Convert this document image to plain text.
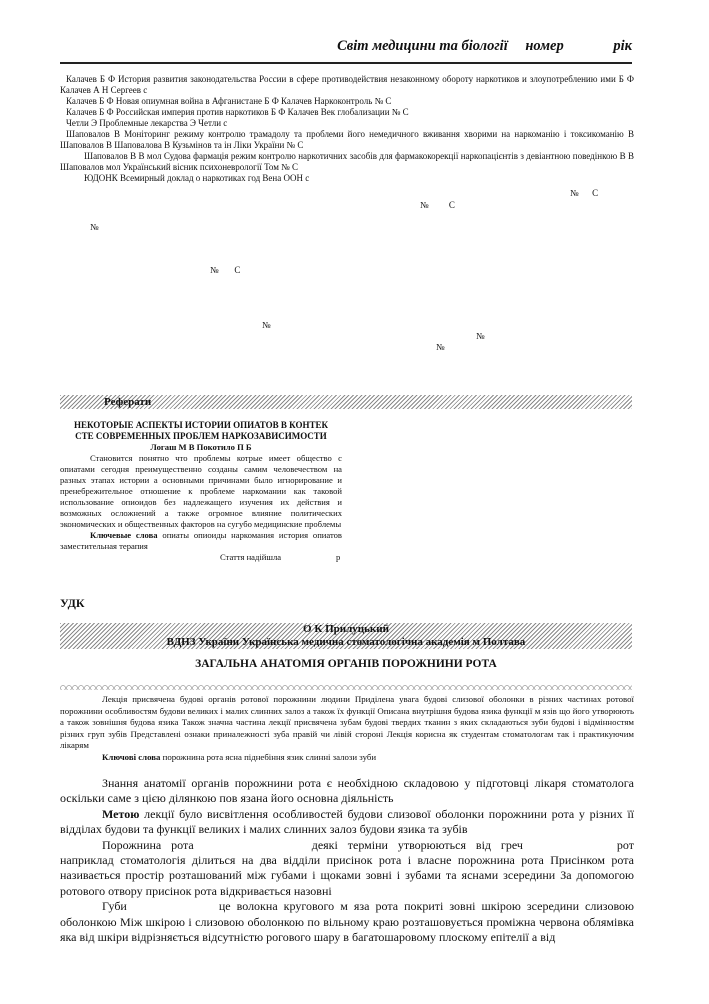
Світ медицини та біології номер	рік

Калачев Б Ф История развития законодательства России в сфере противодействия незаконному обороту наркотиков и злоупотреблению ими Б Ф Калачев А Н Сергеев с

Калачев Б Ф Новая опиумная война в Афганистане Б Ф Калачев Наркоконтроль № С

Калачев Б Ф Российская империя против наркотиков Б Ф Калачев Век глобализации № С

Четли Э Проблемные лекарства Э Четли с

Шаповалов В Моніторинг режиму контролю трамадолу та проблеми його немедичного вживання хворими на наркоманію і токсикоманію В Шаповалов В Шаповалова В Кузьмінов та ін Ліки України № С

Шаповалов В В мол Судова фармація режим контролю наркотичних засобів для фармакокорекції наркопацієнтів з девіантною поведінкою В В Шаповалов мол Український вісник психоневрології Том № С

ЮДОНК Всемирный доклад о наркотиках год Вена ООН с

№      С
№         С
№
№       С
№
№
№
Реферати
НЕКОТОРЫЕ АСПЕКТЫ ИСТОРИИ ОПИАТОВ В КОНТЕК
СТЕ СОВРЕМЕННЫХ ПРОБЛЕМ НАРКОЗАВИСИМОСТИ
Логаш М В Покотило П Б

Становится понятно что проблемы котрые имеет общество с опиатами сегодня преимущественно созданы самим человечеством на разных этапах истории а основными причинами было игнорирование и пренебрежительное отношение к проблеме наркомании как таковой использование опиоидов без надлежащего изучения их действия и возможных осложнений а также огромное влияние политических экономических и общественных факторов на сугубо медицинские проблемы

Ключевые слова опиаты опиоиды наркомания история опиатов заместительная терапия

Стаття надійшла	р
УДК
О К Прилуцький
ВДНЗ України Українська медична стоматологічна академія м Полтава
ЗАГАЛЬНА АНАТОМІЯ ОРГАНІВ ПОРОЖНИНИ РОТА

Лекція присвячена будові органів ротової порожнини людини Приділена увага будові слизової оболонки в різних частинах ротової порожнини особливостям будови великих і малих слинних залоз а також їх функції Описана внутрішня будова язика функції м язів що його утворюють а також зовнішня будова язика Також значна частина лекції присвячена зубам будові твердих тканин з яких складаються зуби будові і відмінностям різних груп зубів Представлені ознаки приналежності зуба правій чи лівій стороні Лекція корисна як студентам стоматологам так і практикуючим лікарям

Ключові слова порожнина рота ясна піднебіння язик слинні залози зуби

Знання анатомії органів порожнини рота є необхідною складовою у підготовці лікаря стоматолога оскільки саме з цією ділянкою пов язана його основна діяльність

Метою лекції було висвітлення особливостей будови слизової оболонки порожнини рота у різних її відділах будови та функції великих і малих слинних залоз будови язика та зубів

Порожнина рота	деякі терміни утворюються від греч	рот наприклад стоматологія ділиться на два відділи присінок рота і власне порожнина рота Присінком рота називається простір розташований між губами і щоками зовні і зубами та яснами зсередини За допомогою ротового отвору присінок рота відкривається назовні

Губи	це волокна кругового м яза рота покриті зовні шкірою зсередини слизовою оболонкою Між шкірою і слизовою оболонкою по вільному краю розташовується проміжна червона облямівка яка від шкіри відрізняється відсутністю рогового шару в багатошаровому плоскому епітелії а від
